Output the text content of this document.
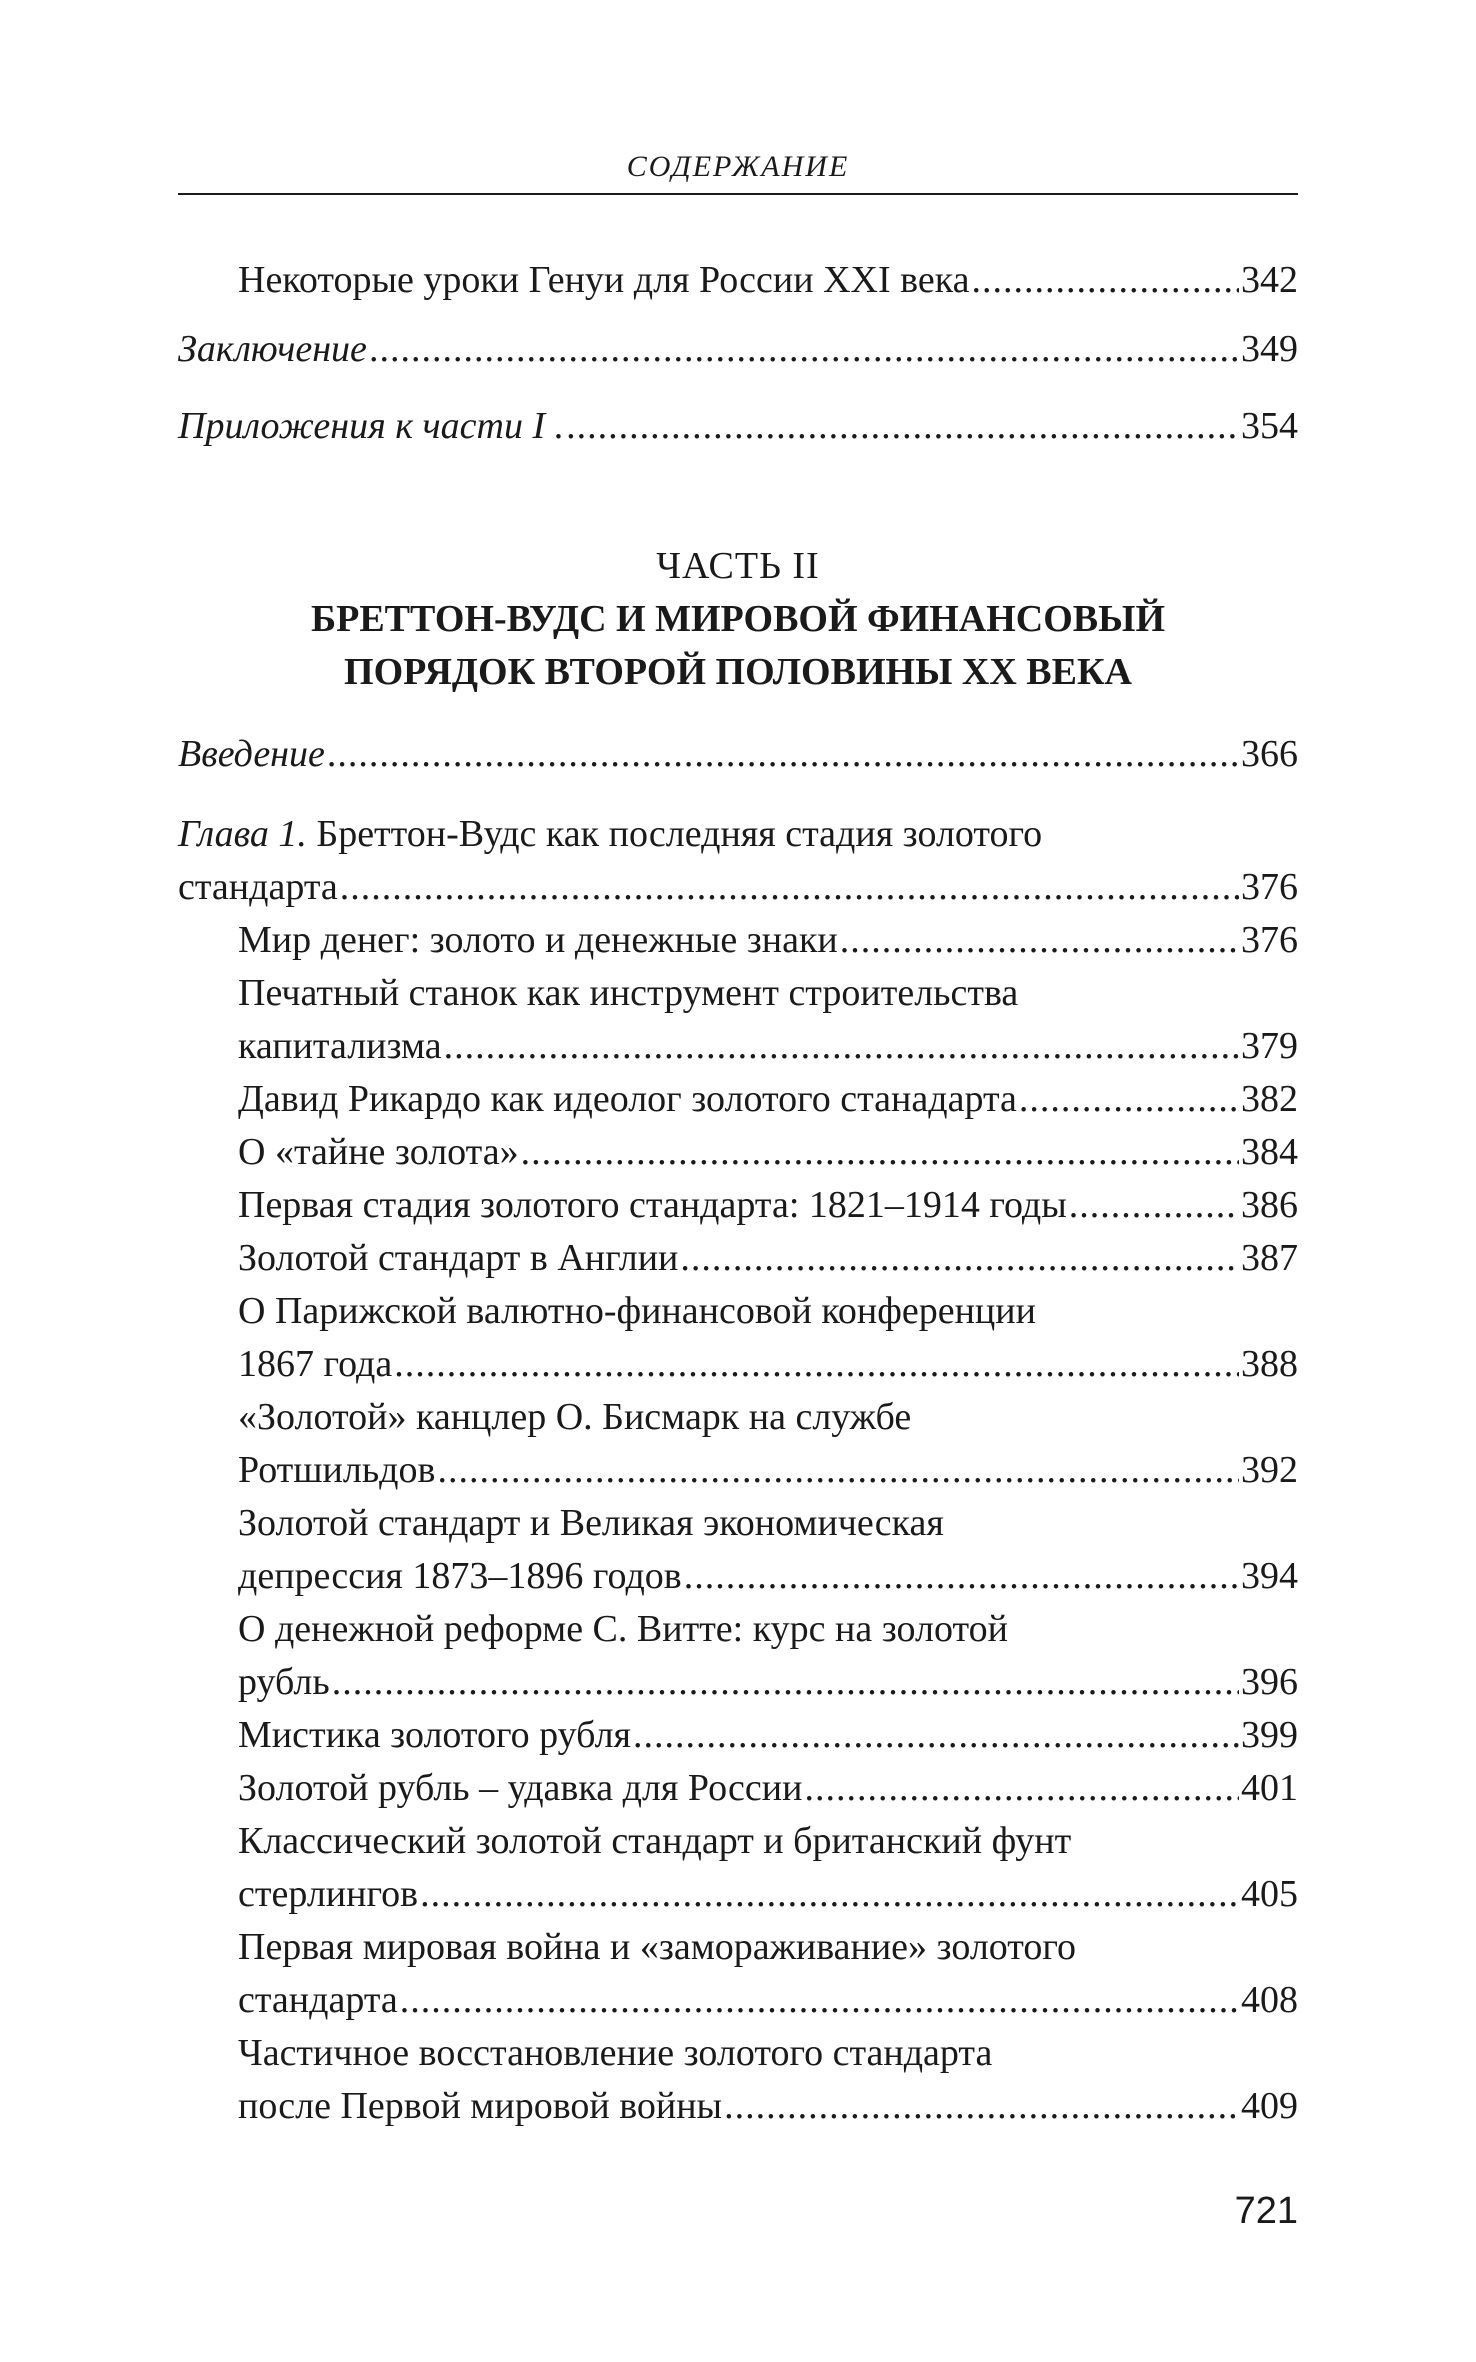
СОДЕРЖАНИЕ
Некоторые уроки Генуи для России XXI века .....	342
Заключение .....	349
Приложения к части I . .....	354
ЧАСТЬ II
БРЕТТОН-ВУДС И МИРОВОЙ ФИНАНСОВЫЙ
ПОРЯДОК ВТОРОЙ ПОЛОВИНЫ XX ВЕКА
Введение .....	366
Глава 1. Бреттон-Вудс как последняя стадия золотого
стандарта .....	376
Мир денег: золото и денежные знаки .....	376
Печатный станок как инструмент строительства
капитализма .....	379
Давид Рикардо как идеолог золотого станадарта .....	382
О «тайне золота» .....	384
Первая стадия золотого стандарта: 1821–1914 годы .....	386
Золотой стандарт в Англии .....	387
О Парижской валютно-финансовой конференции
1867 года .....	388
«Золотой» канцлер О. Бисмарк на службе
Ротшильдов .....	392
Золотой стандарт и Великая экономическая
депрессия 1873–1896 годов .....	394
О денежной реформе С. Витте: курс на золотой
рубль .....	396
Мистика золотого рубля .....	399
Золотой рубль – удавка для России .....	401
Классический золотой стандарт и британский фунт
стерлингов .....	405
Первая мировая война и «замораживание» золотого
стандарта .....	408
Частичное восстановление золотого стандарта
после Первой мировой войны .....	409
721
